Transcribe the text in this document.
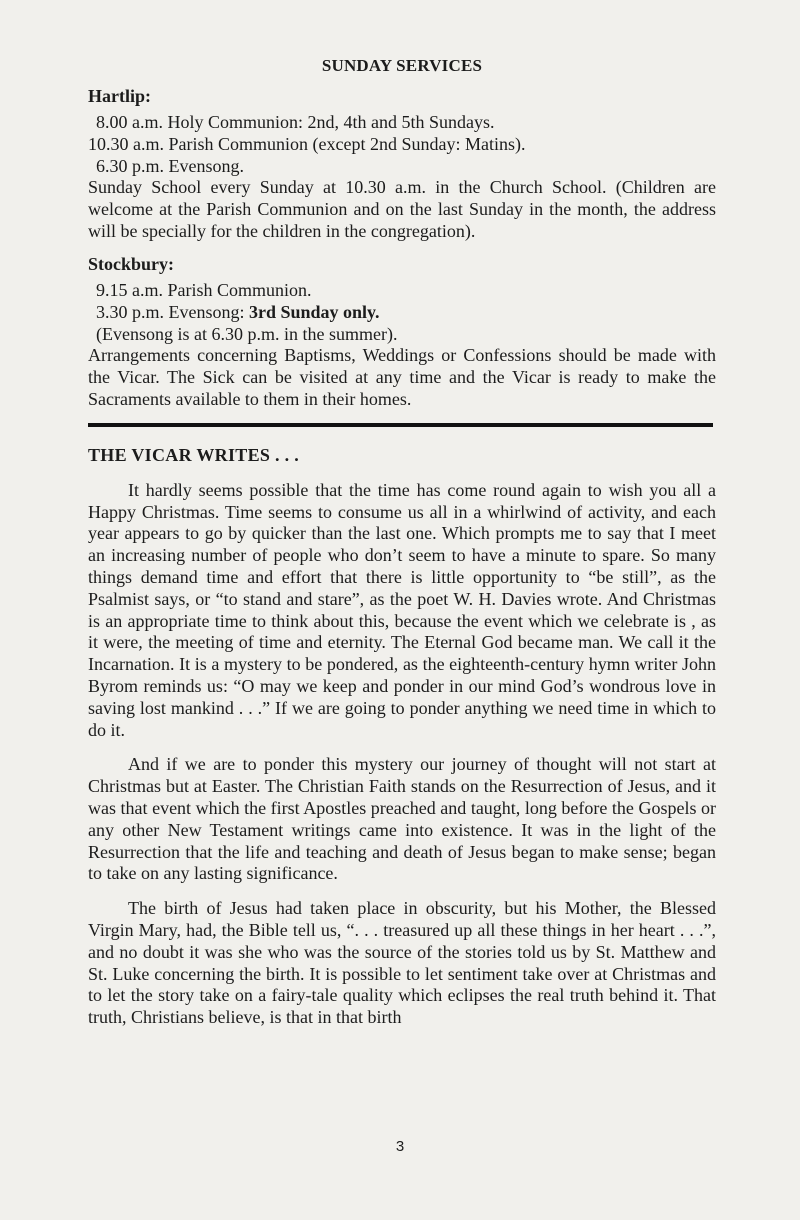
SUNDAY SERVICES
Hartlip:
8.00 a.m. Holy Communion: 2nd, 4th and 5th Sundays.
10.30 a.m. Parish Communion (except 2nd Sunday: Matins).
6.30 p.m. Evensong.

Sunday School every Sunday at 10.30 a.m. in the Church School. (Children are welcome at the Parish Communion and on the last Sunday in the month, the address will be specially for the children in the congregation).

Stockbury:
9.15 a.m. Parish Communion.
3.30 p.m. Evensong: 3rd Sunday only.
(Evensong is at 6.30 p.m. in the summer).

Arrangements concerning Baptisms, Weddings or Confessions should be made with the Vicar. The Sick can be visited at any time and the Vicar is ready to make the Sacraments available to them in their homes.

THE VICAR WRITES . . .

It hardly seems possible that the time has come round again to wish you all a Happy Christmas. Time seems to consume us all in a whirlwind of activity, and each year appears to go by quicker than the last one. Which prompts me to say that I meet an increasing number of people who don’t seem to have a minute to spare. So many things demand time and effort that there is little opportunity to “be still”, as the Psalmist says, or “to stand and stare”, as the poet W. H. Davies wrote. And Christmas is an appropriate time to think about this, because the event which we celebrate is , as it were, the meeting of time and eternity. The Eternal God became man. We call it the Incarnation. It is a mystery to be pondered, as the eighteenth-century hymn writer John Byrom reminds us: “O may we keep and ponder in our mind God’s wondrous love in saving lost mankind . . .” If we are going to ponder anything we need time in which to do it.

And if we are to ponder this mystery our journey of thought will not start at Christmas but at Easter. The Christian Faith stands on the Resurrection of Jesus, and it was that event which the first Apostles preached and taught, long before the Gospels or any other New Testament writings came into existence. It was in the light of the Resurrection that the life and teaching and death of Jesus began to make sense; began to take on any lasting significance.

The birth of Jesus had taken place in obscurity, but his Mother, the Blessed Virgin Mary, had, the Bible tell us, “. . . treasured up all these things in her heart . . .”, and no doubt it was she who was the source of the stories told us by St. Matthew and St. Luke concerning the birth. It is possible to let sentiment take over at Christmas and to let the story take on a fairy-tale quality which eclipses the real truth behind it. That truth, Christians believe, is that in that birth

3
